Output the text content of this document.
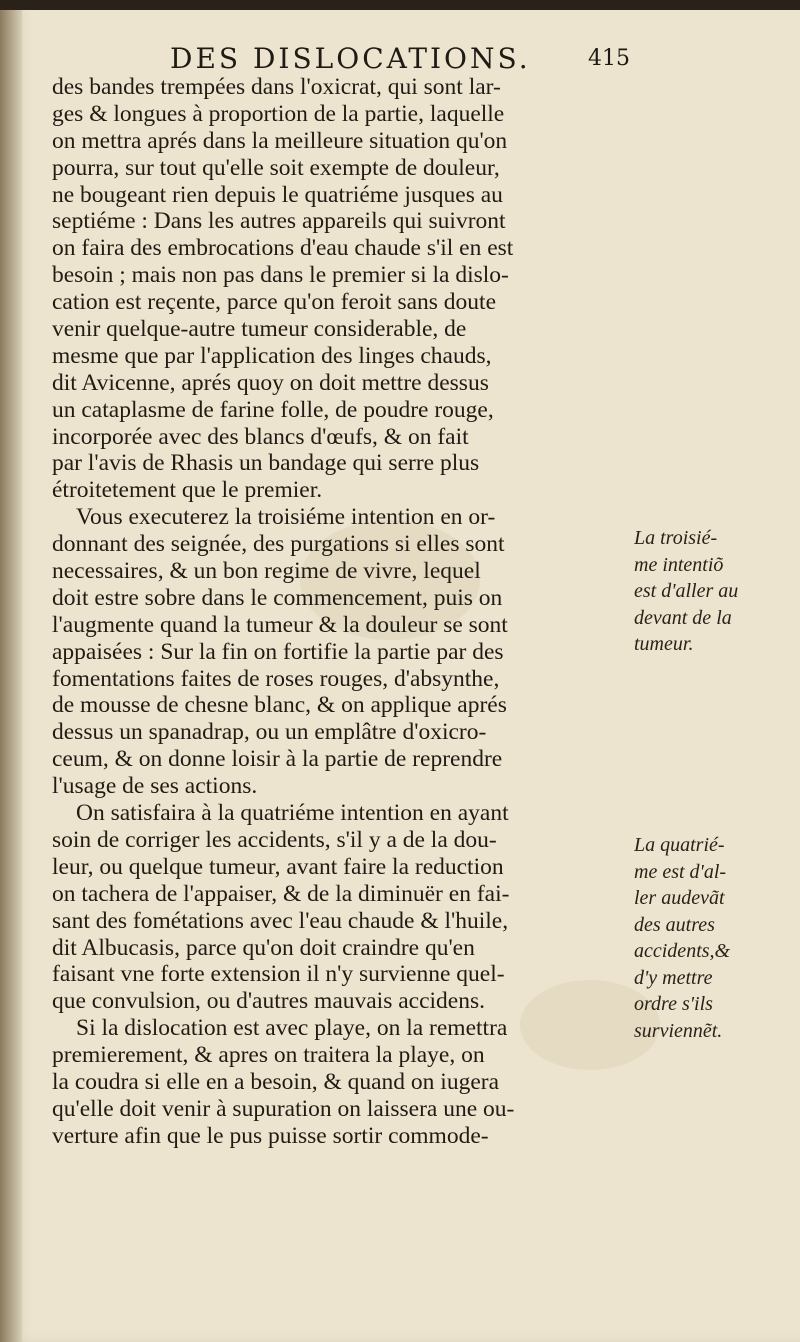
DES DISLOCATIONS.	415
des bandes trempées dans l'oxicrat, qui sont lar-
ges & longues à proportion de la partie, laquelle
on mettra aprés dans la meilleure situation qu'on
pourra, sur tout qu'elle soit exempte de douleur,
ne bougeant rien depuis le quatriéme jusques au
septiéme : Dans les autres appareils qui suivront
on faira des embrocations d'eau chaude s'il en est
besoin ; mais non pas dans le premier si la dislo-
cation est reçente, parce qu'on feroit sans doute
venir quelque-autre tumeur considerable, de
mesme que par l'application des linges chauds,
dit Avicenne, aprés quoy on doit mettre dessus
un cataplasme de farine folle, de poudre rouge,
incorporée avec des blancs d'œufs, & on fait
par l'avis de Rhasis un bandage qui serre plus
étroitetement que le premier.
Vous executerez la troisiéme intention en or-
donnant des seignée, des purgations si elles sont
necessaires, & un bon regime de vivre, lequel
doit estre sobre dans le commencement, puis on
l'augmente quand la tumeur & la douleur se sont
appaisées : Sur la fin on fortifie la partie par des
fomentations faites de roses rouges, d'absynthe,
de mousse de chesne blanc, & on applique aprés
dessus un spanadrap, ou un emplâtre d'oxicro-
ceum, & on donne loisir à la partie de reprendre
l'usage de ses actions.
On satisfaira à la quatriéme intention en ayant
soin de corriger les accidents, s'il y a de la dou-
leur, ou quelque tumeur, avant faire la reduction
on tachera de l'appaiser, & de la diminuër en fai-
sant des fométations avec l'eau chaude & l'huile,
dit Albucasis, parce qu'on doit craindre qu'en
faisant vne forte extension il n'y survienne quel-
que convulsion, ou d'autres mauvais accidens.
Si la dislocation est avec playe, on la remettra
premierement, & apres on traitera la playe, on
la coudra si elle en a besoin, & quand on iugera
qu'elle doit venir à supuration on laissera une ou-
verture afin que le pus puisse sortir commode-
La troisié-
me intentiõ
est d'aller au
devant de la
tumeur.
La quatrié-
me est d'al-
ler audevãt
des autres
accidents,&
d'y mettre
ordre s'ils
surviennẽt.
